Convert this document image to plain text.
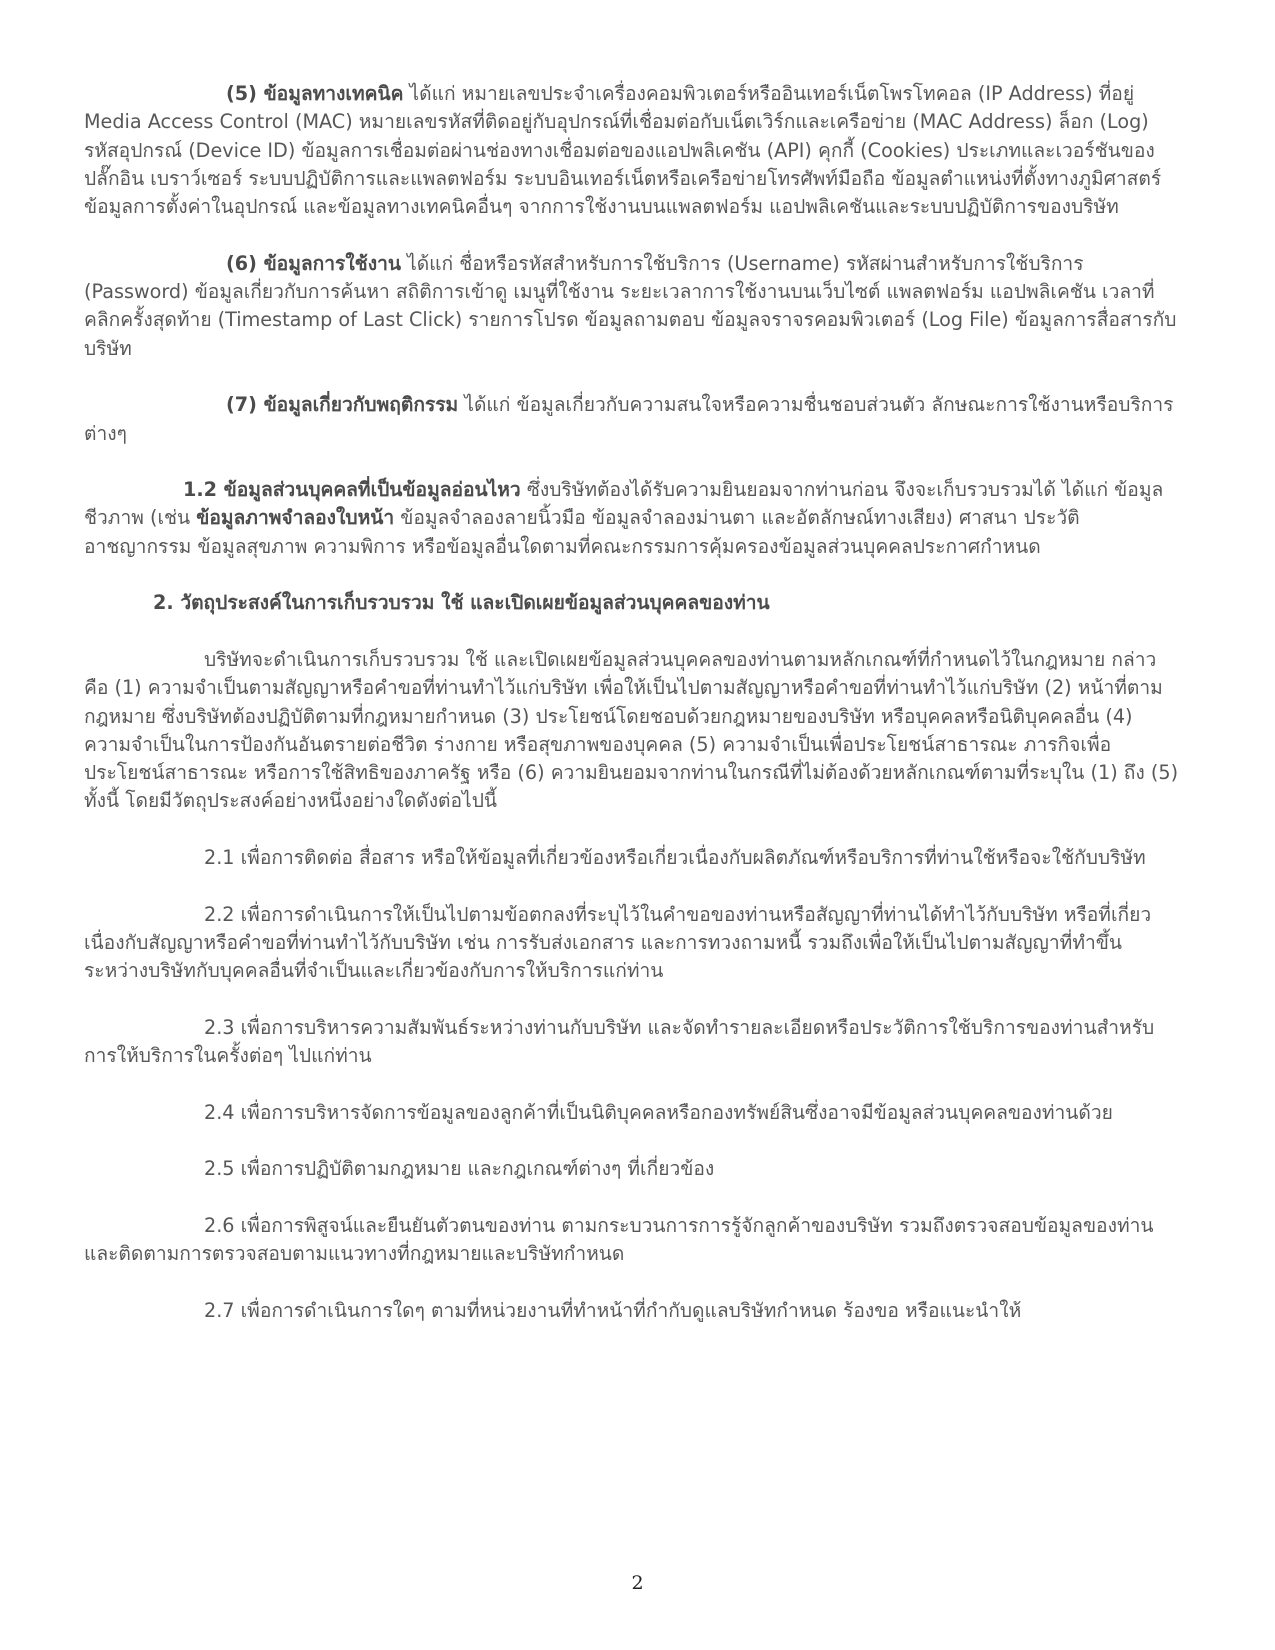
(5) ข้อมูลทางเทคนิค ได้แก่ หมายเลขประจำเครื่องคอมพิวเตอร์หรืออินเทอร์เน็ตโพรโทคอล (IP Address) ที่อยู่ Media Access Control (MAC) หมายเลขรหัสที่ติดอยู่กับอุปกรณ์ที่เชื่อมต่อกับเน็ตเวิร์กและเครือข่าย (MAC Address) ล็อก (Log) รหัสอุปกรณ์ (Device ID) ข้อมูลการเชื่อมต่อผ่านช่องทางเชื่อมต่อของแอปพลิเคชัน (API) คุกกี้ (Cookies) ประเภทและเวอร์ชันของปลั๊กอิน เบราว์เซอร์ ระบบปฏิบัติการและแพลตฟอร์ม ระบบอินเทอร์เน็ตหรือเครือข่ายโทรศัพท์มือถือ ข้อมูลตำแหน่งที่ตั้งทางภูมิศาสตร์ ข้อมูลการตั้งค่าในอุปกรณ์ และข้อมูลทางเทคนิคอื่นๆ จากการใช้งานบนแพลตฟอร์ม แอปพลิเคชันและระบบปฏิบัติการของบริษัท

(6) ข้อมูลการใช้งาน ได้แก่ ชื่อหรือรหัสสำหรับการใช้บริการ (Username) รหัสผ่านสำหรับการใช้บริการ (Password) ข้อมูลเกี่ยวกับการค้นหา สถิติการเข้าดู เมนูที่ใช้งาน ระยะเวลาการใช้งานบนเว็บไซต์ แพลตฟอร์ม แอปพลิเคชัน เวลาที่คลิกครั้งสุดท้าย (Timestamp of Last Click) รายการโปรด ข้อมูลถามตอบ ข้อมูลจราจรคอมพิวเตอร์ (Log File) ข้อมูลการสื่อสารกับบริษัท

(7) ข้อมูลเกี่ยวกับพฤติกรรม ได้แก่ ข้อมูลเกี่ยวกับความสนใจหรือความชื่นชอบส่วนตัว ลักษณะการใช้งานหรือบริการต่างๆ

1.2 ข้อมูลส่วนบุคคลที่เป็นข้อมูลอ่อนไหว ซึ่งบริษัทต้องได้รับความยินยอมจากท่านก่อน จึงจะเก็บรวบรวมได้ ได้แก่ ข้อมูลชีวภาพ (เช่น ข้อมูลภาพจำลองใบหน้า ข้อมูลจำลองลายนิ้วมือ ข้อมูลจำลองม่านตา และอัตลักษณ์ทางเสียง) ศาสนา ประวัติอาชญากรรม ข้อมูลสุขภาพ ความพิการ หรือข้อมูลอื่นใดตามที่คณะกรรมการคุ้มครองข้อมูลส่วนบุคคลประกาศกำหนด

2. วัตถุประสงค์ในการเก็บรวบรวม ใช้ และเปิดเผยข้อมูลส่วนบุคคลของท่าน

บริษัทจะดำเนินการเก็บรวบรวม ใช้ และเปิดเผยข้อมูลส่วนบุคคลของท่านตามหลักเกณฑ์ที่กำหนดไว้ในกฎหมาย กล่าวคือ (1) ความจำเป็นตามสัญญาหรือคำขอที่ท่านทำไว้แก่บริษัท เพื่อให้เป็นไปตามสัญญาหรือคำขอที่ท่านทำไว้แก่บริษัท (2) หน้าที่ตามกฎหมาย ซึ่งบริษัทต้องปฏิบัติตามที่กฎหมายกำหนด (3) ประโยชน์โดยชอบด้วยกฎหมายของบริษัท หรือบุคคลหรือนิติบุคคลอื่น (4) ความจำเป็นในการป้องกันอันตรายต่อชีวิต ร่างกาย หรือสุขภาพของบุคคล (5) ความจำเป็นเพื่อประโยชน์สาธารณะ ภารกิจเพื่อประโยชน์สาธารณะ หรือการใช้สิทธิของภาครัฐ หรือ (6) ความยินยอมจากท่านในกรณีที่ไม่ต้องด้วยหลักเกณฑ์ตามที่ระบุใน (1) ถึง (5) ทั้งนี้ โดยมีวัตถุประสงค์อย่างหนึ่งอย่างใดดังต่อไปนี้

2.1 เพื่อการติดต่อ สื่อสาร หรือให้ข้อมูลที่เกี่ยวข้องหรือเกี่ยวเนื่องกับผลิตภัณฑ์หรือบริการที่ท่านใช้หรือจะใช้กับบริษัท

2.2 เพื่อการดำเนินการให้เป็นไปตามข้อตกลงที่ระบุไว้ในคำขอของท่านหรือสัญญาที่ท่านได้ทำไว้กับบริษัท หรือที่เกี่ยวเนื่องกับสัญญาหรือคำขอที่ท่านทำไว้กับบริษัท เช่น การรับส่งเอกสาร และการทวงถามหนี้ รวมถึงเพื่อให้เป็นไปตามสัญญาที่ทำขึ้นระหว่างบริษัทกับบุคคลอื่นที่จำเป็นและเกี่ยวข้องกับการให้บริการแก่ท่าน

2.3 เพื่อการบริหารความสัมพันธ์ระหว่างท่านกับบริษัท และจัดทำรายละเอียดหรือประวัติการใช้บริการของท่านสำหรับการให้บริการในครั้งต่อๆ ไปแก่ท่าน

2.4 เพื่อการบริหารจัดการข้อมูลของลูกค้าที่เป็นนิติบุคคลหรือกองทรัพย์สินซึ่งอาจมีข้อมูลส่วนบุคคลของท่านด้วย

2.5 เพื่อการปฏิบัติตามกฎหมาย และกฎเกณฑ์ต่างๆ ที่เกี่ยวข้อง

2.6 เพื่อการพิสูจน์และยืนยันตัวตนของท่าน ตามกระบวนการการรู้จักลูกค้าของบริษัท รวมถึงตรวจสอบข้อมูลของท่านและติดตามการตรวจสอบตามแนวทางที่กฎหมายและบริษัทกำหนด

2.7 เพื่อการดำเนินการใดๆ ตามที่หน่วยงานที่ทำหน้าที่กำกับดูแลบริษัทกำหนด ร้องขอ หรือแนะนำให้

2
